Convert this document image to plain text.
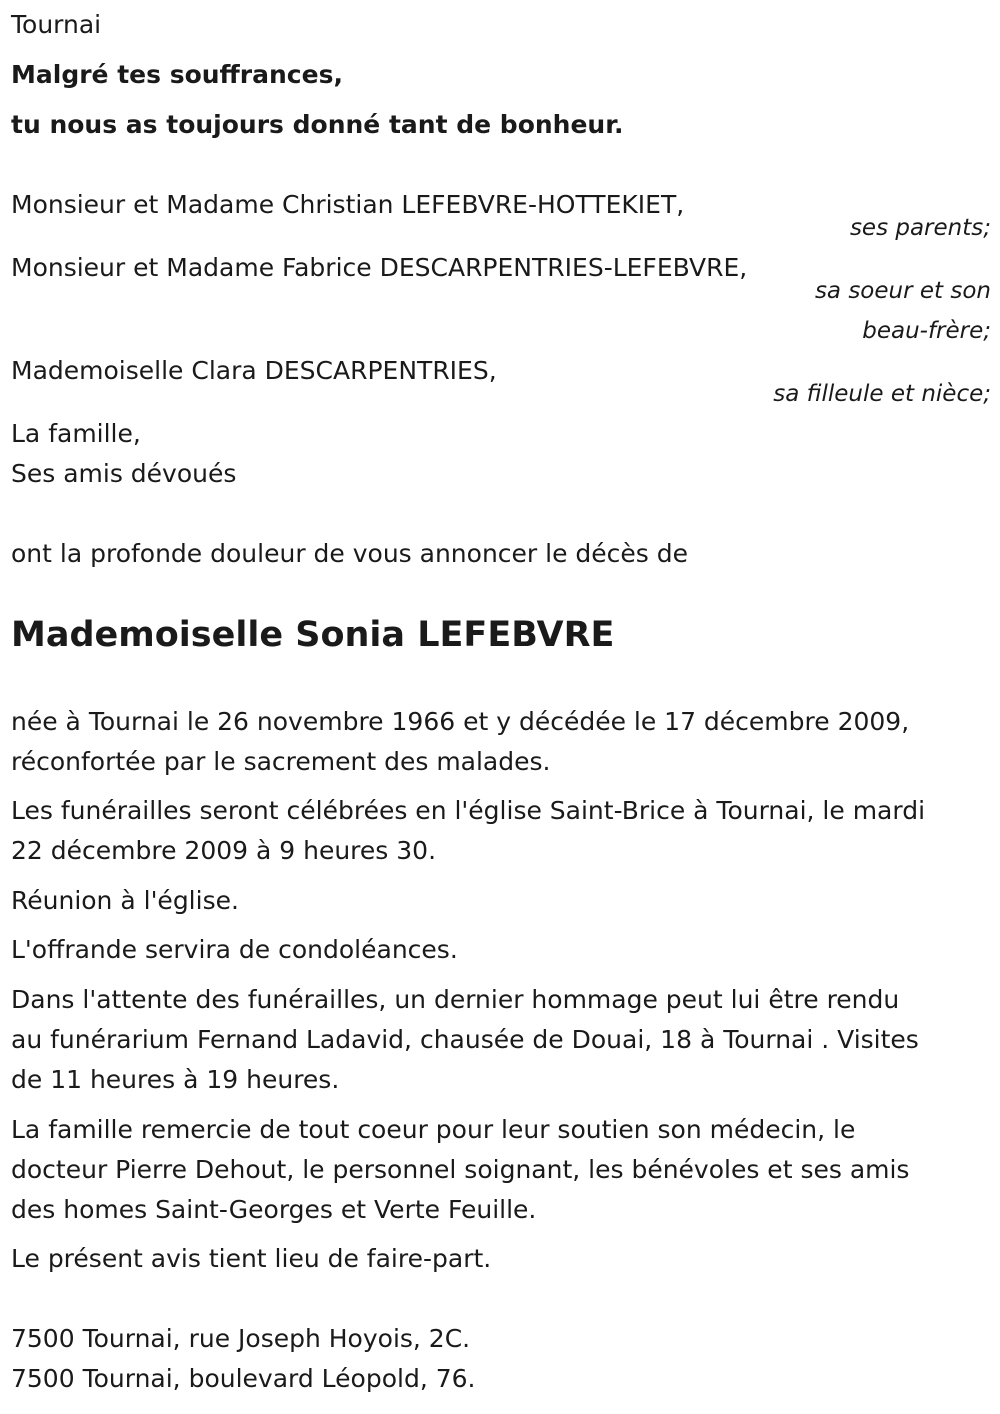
Tournai
Malgré tes souffrances,
tu nous as toujours donné tant de bonheur.
Monsieur et Madame Christian LEFEBVRE-HOTTEKIET,
ses parents;
Monsieur et Madame Fabrice DESCARPENTRIES-LEFEBVRE,
sa soeur et son
beau-frère;
Mademoiselle Clara DESCARPENTRIES,
sa filleule et nièce;
La famille,
Ses amis dévoués
ont la profonde douleur de vous annoncer le décès de
Mademoiselle Sonia LEFEBVRE
née à Tournai le 26 novembre 1966 et y décédée le 17 décembre 2009,
réconfortée par le sacrement des malades.
Les funérailles seront célébrées en l'église Saint-Brice à Tournai, le mardi
22 décembre 2009 à 9 heures 30.
Réunion à l'église.
L'offrande servira de condoléances.
Dans l'attente des funérailles, un dernier hommage peut lui être rendu
au funérarium Fernand Ladavid, chausée de Douai, 18 à Tournai . Visites
de 11 heures à 19 heures.
La famille remercie de tout coeur pour leur soutien son médecin, le
docteur Pierre Dehout, le personnel soignant, les bénévoles et ses amis
des homes Saint-Georges et Verte Feuille.
Le présent avis tient lieu de faire-part.
7500 Tournai, rue Joseph Hoyois, 2C.
7500 Tournai, boulevard Léopold, 76.
